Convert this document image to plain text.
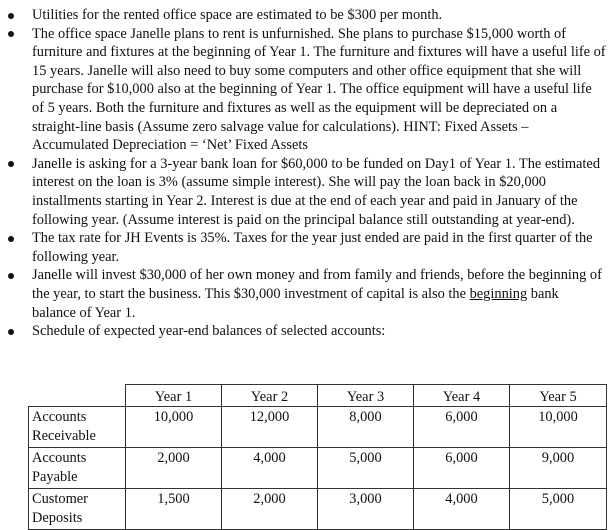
Utilities for the rented office space are estimated to be $300 per month.
The office space Janelle plans to rent is unfurnished. She plans to purchase $15,000 worth of furniture and fixtures at the beginning of Year 1. The furniture and fixtures will have a useful life of 15 years. Janelle will also need to buy some computers and other office equipment that she will purchase for $10,000 also at the beginning of Year 1. The office equipment will have a useful life of 5 years. Both the furniture and fixtures as well as the equipment will be depreciated on a straight-line basis (Assume zero salvage value for calculations). HINT: Fixed Assets – Accumulated Depreciation = ‘Net’ Fixed Assets
Janelle is asking for a 3-year bank loan for $60,000 to be funded on Day1 of Year 1. The estimated interest on the loan is 3% (assume simple interest). She will pay the loan back in $20,000 installments starting in Year 2. Interest is due at the end of each year and paid in January of the following year. (Assume interest is paid on the principal balance still outstanding at year-end).
The tax rate for JH Events is 35%. Taxes for the year just ended are paid in the first quarter of the following year.
Janelle will invest $30,000 of her own money and from family and friends, before the beginning of the year, to start the business. This $30,000 investment of capital is also the beginning bank balance of Year 1.
Schedule of expected year-end balances of selected accounts:
	Year 1	Year 2	Year 3	Year 4	Year 5
Accounts Receivable	10,000	12,000	8,000	6,000	10,000
Accounts Payable	2,000	4,000	5,000	6,000	9,000
Customer Deposits	1,500	2,000	3,000	4,000	5,000
